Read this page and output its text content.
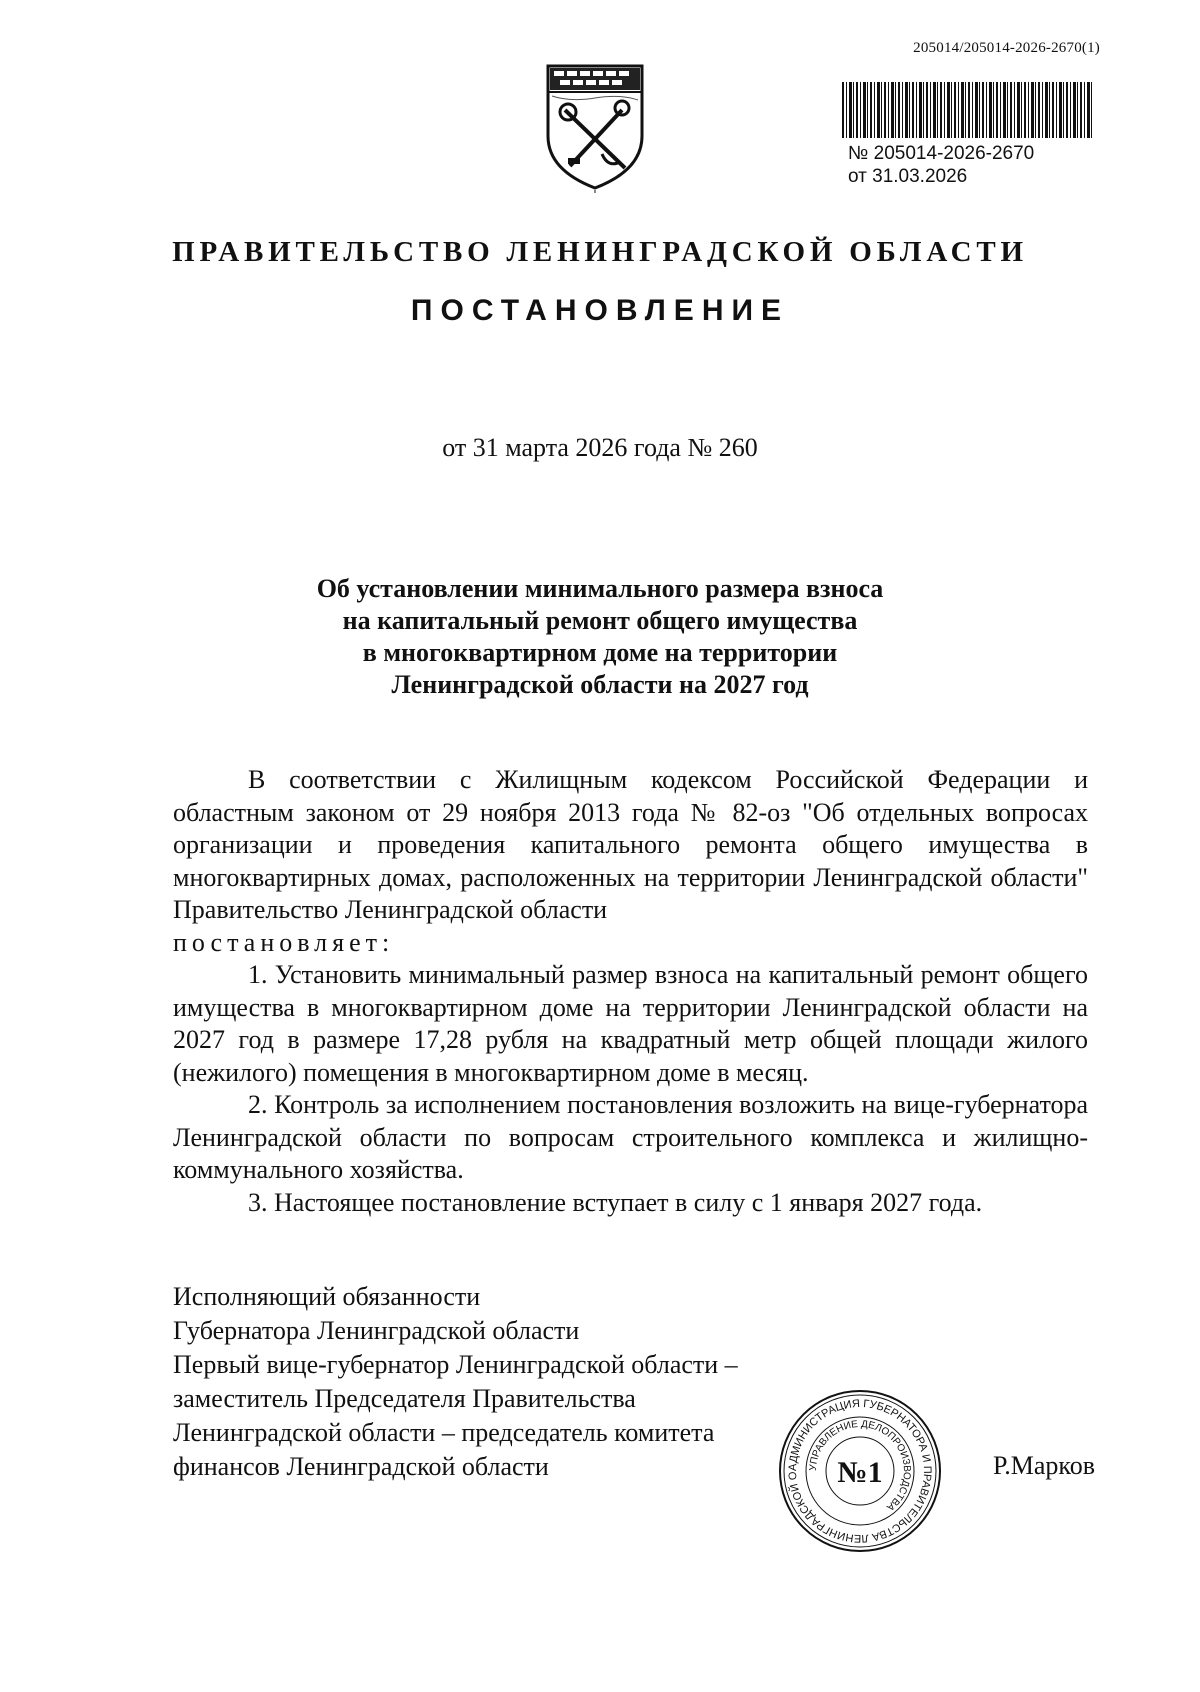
205014/205014-2026-2670(1)
№ 205014-2026-2670
от 31.03.2026
ПРАВИТЕЛЬСТВО ЛЕНИНГРАДСКОЙ ОБЛАСТИ
ПОСТАНОВЛЕНИЕ
от 31 марта 2026 года № 260
Об установлении минимального размера взноса
на капитальный ремонт общего имущества
в многоквартирном доме на территории
Ленинградской области на 2027 год

В соответствии с Жилищным кодексом Российской Федерации и областным законом от 29 ноября 2013 года № 82-оз "Об отдельных вопросах организации и проведения капитального ремонта общего имущества в многоквартирных домах, расположенных на территории Ленинградской области" Правительство Ленинградской области

постановляет:

1. Установить минимальный размер взноса на капитальный ремонт общего имущества в многоквартирном доме на территории Ленинградской области на 2027 год в размере 17,28 рубля на квадратный метр общей площади жилого (нежилого) помещения в многоквартирном доме в месяц.

2. Контроль за исполнением постановления возложить на вице-губернатора Ленинградской области по вопросам строительного комплекса и жилищно-коммунального хозяйства.

3. Настоящее постановление вступает в силу с 1 января 2027 года.

Исполняющий обязанности
Губернатора Ленинградской области
Первый вице-губернатор Ленинградской области –
заместитель Председателя Правительства
Ленинградской области – председатель комитета
финансов Ленинградской области	АДМИНИСТРАЦИЯ ГУБЕРНАТОРА И ПРАВИТЕЛЬСТВА ЛЕНИНГРАДСКОЙ О
УПРАВЛЕНИЕ ДЕЛОПРОИЗВОДСТВА
№1	Р.Марков
